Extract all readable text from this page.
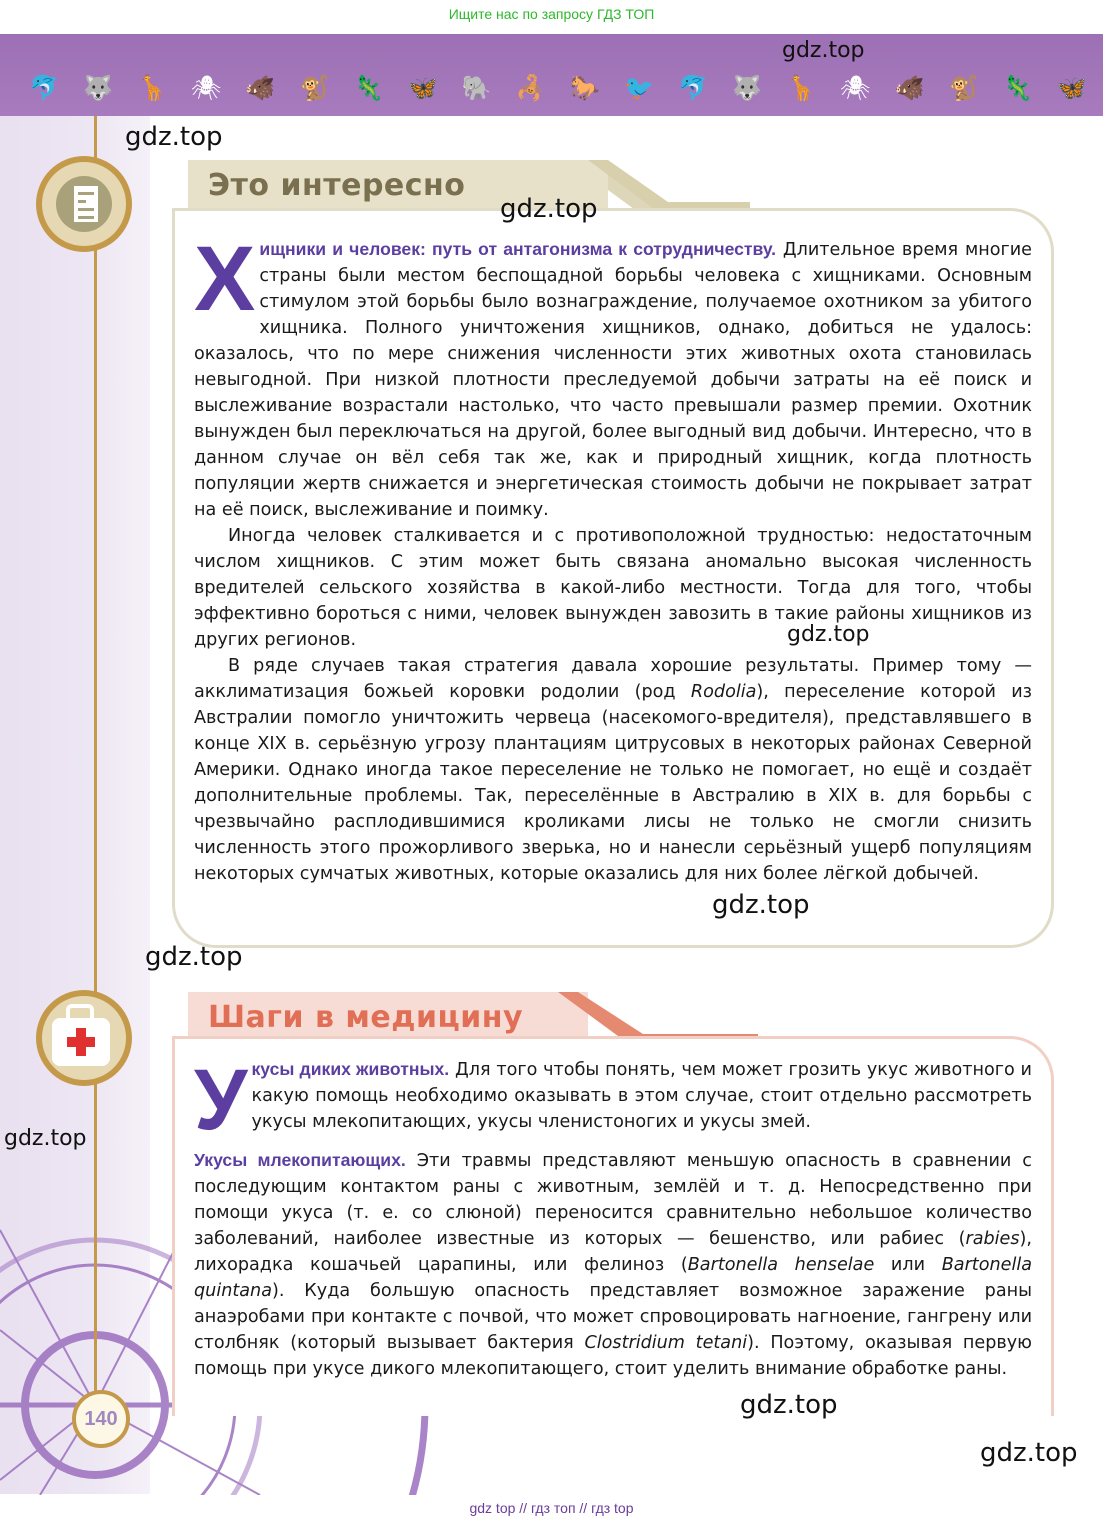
Ищите нас по запросу ГДЗ ТОП
🐬 🐺 🦒 🕷 🐗 🐒 🦎 🦋 🐘 🦂 🐎 🐦 🐬 🐺 🦒 🕷 🐗 🐒 🦎 🦋
Это интересно

Х ищники и человек: путь от антагонизма к сотрудничеству. Длительное время многие страны были местом беспощадной борьбы человека с хищниками. Основным стимулом этой борьбы было вознаграждение, получаемое охотником за убитого хищника. Полного уничтожения хищников, однако, добиться не удалось: оказалось, что по мере снижения численности этих животных охота становилась невыгодной. При низкой плотности преследуемой добычи затраты на её поиск и выслеживание возрастали настолько, что часто превышали размер премии. Охотник вынужден был переключаться на другой, более выгодный вид добычи. Интересно, что в данном случае он вёл себя так же, как и природный хищник, когда плотность популяции жертв снижается и энергетическая стоимость добычи не покрывает затрат на её поиск, выслеживание и поимку.

Иногда человек сталкивается и с противоположной трудностью: недостаточным числом хищников. С этим может быть связана аномально высокая численность вредителей сельского хозяйства в какой-либо местности. Тогда для того, чтобы эффективно бороться с ними, человек вынужден завозить в такие районы хищников из других регионов.

В ряде случаев такая стратегия давала хорошие результаты. Пример тому — акклиматизация божьей коровки родолии (род Rodolia), переселение которой из Австралии помогло уничтожить червеца (насекомого-вредителя), представлявшего в конце XIX в. серьёзную угрозу плантациям цитрусовых в некоторых районах Северной Америки. Однако иногда такое переселение не только не помогает, но ещё и создаёт дополнительные проблемы. Так, переселённые в Австралию в XIX в. для борьбы с чрезвычайно расплодившимися кроликами лисы не только не смогли снизить численность этого прожорливого зверька, но и нанесли серьёзный ущерб популяциям некоторых сумчатых животных, которые оказались для них более лёгкой добычей.

Шаги в медицину

У кусы диких животных. Для того чтобы понять, чем может грозить укус животного и какую помощь необходимо оказывать в этом случае, стоит отдельно рассмотреть укусы млекопитающих, укусы членистоногих и укусы змей.

Укусы млекопитающих. Эти травмы представляют меньшую опасность в сравнении с последующим контактом раны с животным, землёй и т. д. Непосредственно при помощи укуса (т. е. со слюной) переносится сравнительно небольшое количество заболеваний, наиболее известные из которых — бешенство, или рабиес (rabies), лихорадка кошачьей царапины, или фелиноз (Bartonella henselae или Bartonella quintana). Куда большую опасность представляет возможное заражение раны анаэробами при контакте с почвой, что может спровоцировать нагноение, гангрену или столбняк (который вызывает бактерия Clostridium tetani). Поэтому, оказывая первую помощь при укусе дикого млекопитающего, стоит уделить внимание обработке раны.

140
gdz.top
gdz.top
gdz.top
gdz.top
gdz.top
gdz.top
gdz.top
gdz.top
gdz.top
gdz top // гдз топ // гдз top
